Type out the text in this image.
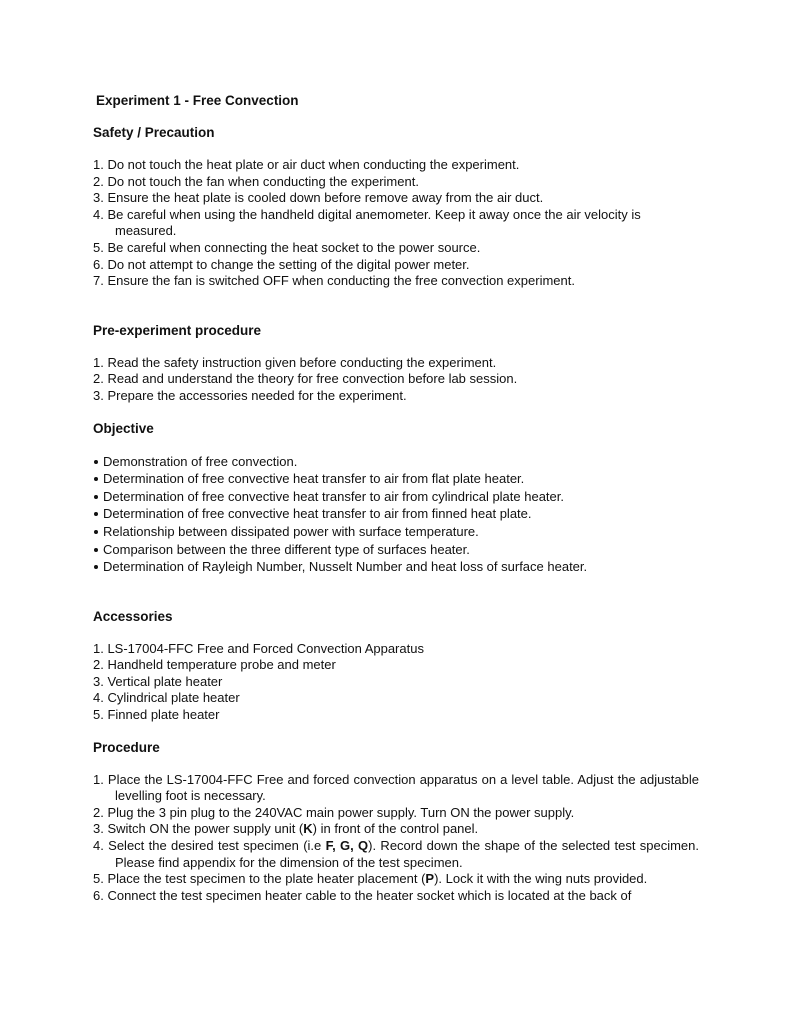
Experiment 1 - Free Convection
Safety / Precaution
1. Do not touch the heat plate or air duct when conducting the experiment.
2. Do not touch the fan when conducting the experiment.
3. Ensure the heat plate is cooled down before remove away from the air duct.
4. Be careful when using the handheld digital anemometer. Keep it away once the air velocity is measured.
5. Be careful when connecting the heat socket to the power source.
6. Do not attempt to change the setting of the digital power meter.
7. Ensure the fan is switched OFF when conducting the free convection experiment.
Pre-experiment procedure
1. Read the safety instruction given before conducting the experiment.
2. Read and understand the theory for free convection before lab session.
3. Prepare the accessories needed for the experiment.
Objective
Demonstration of free convection.
Determination of free convective heat transfer to air from flat plate heater.
Determination of free convective heat transfer to air from cylindrical plate heater.
Determination of free convective heat transfer to air from finned heat plate.
Relationship between dissipated power with surface temperature.
Comparison between the three different type of surfaces heater.
Determination of Rayleigh Number, Nusselt Number and heat loss of surface heater.
Accessories
1. LS-17004-FFC Free and Forced Convection Apparatus
2. Handheld temperature probe and meter
3. Vertical plate heater
4. Cylindrical plate heater
5. Finned plate heater
Procedure
1. Place the LS-17004-FFC Free and forced convection apparatus on a level table. Adjust the adjustable levelling foot is necessary.
2. Plug the 3 pin plug to the 240VAC main power supply. Turn ON the power supply.
3. Switch ON the power supply unit (K) in front of the control panel.
4. Select the desired test specimen (i.e F, G, Q). Record down the shape of the selected test specimen. Please find appendix for the dimension of the test specimen.
5. Place the test specimen to the plate heater placement (P). Lock it with the wing nuts provided.
6. Connect the test specimen heater cable to the heater socket which is located at the back of
